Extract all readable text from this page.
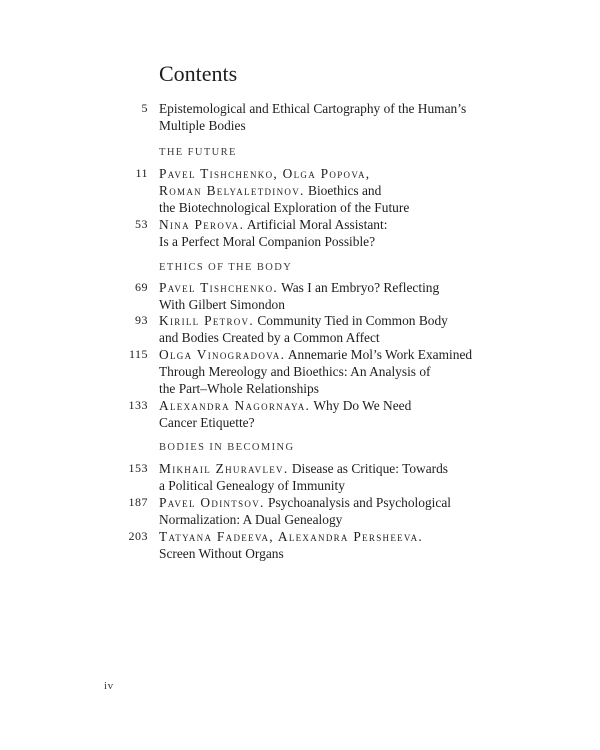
Contents
5 Epistemological and Ethical Cartography of the Human’s
Multiple Bodies
THE FUTURE
11 Pavel Tishchenko, Olga Popova,
Roman Belyaletdinov. Bioethics and
the Biotechnological Exploration of the Future
53 Nina Perova. Artificial Moral Assistant:
Is a Perfect Moral Companion Possible?
ETHICS OF THE BODY
69 Pavel Tishchenko. Was I an Embryo? Reflecting
With Gilbert Simondon
93 Kirill Petrov. Community Tied in Common Body
and Bodies Created by a Common Affect
115 Olga Vinogradova. Annemarie Mol’s Work Examined
Through Mereology and Bioethics: An Analysis of
the Part–Whole Relationships
133 Alexandra Nagornaya. Why Do We Need
Cancer Etiquette?
BODIES IN BECOMING
153 Mikhail Zhuravlev. Disease as Critique: Towards
a Political Genealogy of Immunity
187 Pavel Odintsov. Psychoanalysis and Psychological
Normalization: A Dual Genealogy
203 Tatyana Fadeeva, Alexandra Persheeva.
Screen Without Organs
iv
